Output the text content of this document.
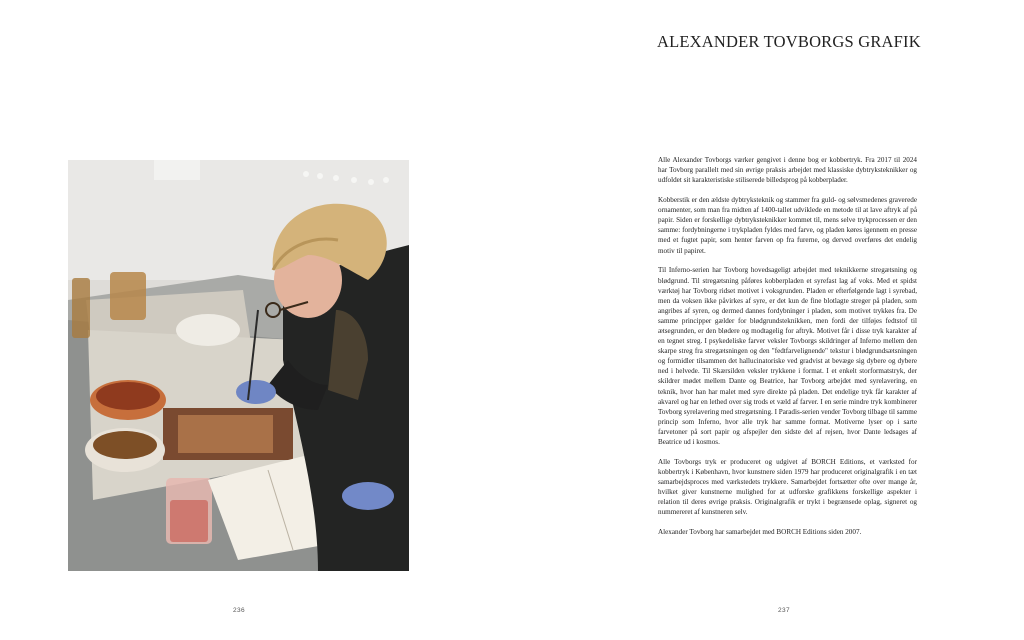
236
ALEXANDER TOVBORGS GRAFIK

Alle Alexander Tovborgs værker gengivet i denne bog er kobbertryk. Fra 2017 til 2024 har Tovborg parallelt med sin øvrige praksis arbejdet med klassiske dybtryksteknikker og udfoldet sit karakteristiske stiliserede billedsprog på kobberplader.

Kobberstik er den ældste dybtryksteknik og stammer fra guld- og sølvsmedenes graverede ornamenter, som man fra midten af 1400-tallet udviklede en metode til at lave aftryk af på papir. Siden er forskellige dybtryksteknikker kommet til, mens selve trykprocessen er den samme: fordybningerne i trykpladen fyldes med farve, og pladen køres igennem en presse med et fugtet papir, som henter farven op fra furerne, og derved overføres det endelig motiv til papiret.

Til Inferno-serien har Tovborg hovedsageligt arbejdet med teknikkerne stregætsning og blødgrund. Til stregætsning påføres kobberpladen et syrefast lag af voks. Med et spidst værktøj har Tovborg ridset motivet i voksgrunden. Pladen er efterfølgende lagt i syrebad, men da voksen ikke påvirkes af syre, er det kun de fine blotlagte streger på pladen, som angribes af syren, og dermed dannes fordybninger i pladen, som motivet trykkes fra. De samme principper gælder for blødgrundsteknikken, men fordi der tilføjes fedtstof til ætsegrunden, er den blødere og modtagelig for aftryk. Motivet får i disse tryk karakter af en tegnet streg. I psykedeliske farver veksler Tovborgs skildringer af Inferno mellem den skarpe streg fra stregætsningen og den "fedtfarvelignende" tekstur i blødgrundsætsningen og formidler tilsammen det hallucinatoriske ved gradvist at bevæge sig dybere og dybere ned i helvede. Til Skærsilden veksler trykkene i format. I et enkelt storformatstryk, der skildrer mødet mellem Dante og Beatrice, har Tovborg arbejdet med syrelavering, en teknik, hvor han har malet med syre direkte på pladen. Det endelige tryk får karakter af akvarel og har en lethed over sig trods et væld af farver. I en serie mindre tryk kombinerer Tovborg syrelavering med stregætsning. I Paradis-serien vender Tovborg tilbage til samme princip som Inferno, hvor alle tryk har samme format. Motiverne lyser op i sarte farvetoner på sort papir og afspejler den sidste del af rejsen, hvor Dante ledsages af Beatrice ud i kosmos.

Alle Tovborgs tryk er produceret og udgivet af BORCH Editions, et værksted for kobbertryk i København, hvor kunstnere siden 1979 har produceret originalgrafik i en tæt samarbejdsproces med værkstedets trykkere. Samarbejdet fortsætter ofte over mange år, hvilket giver kunstnerne mulighed for at udforske grafikkens forskellige aspekter i relation til deres øvrige praksis. Originalgrafik er trykt i begrænsede oplag, signeret og nummereret af kunstneren selv.

Alexander Tovborg har samarbejdet med BORCH Editions siden 2007.

237
